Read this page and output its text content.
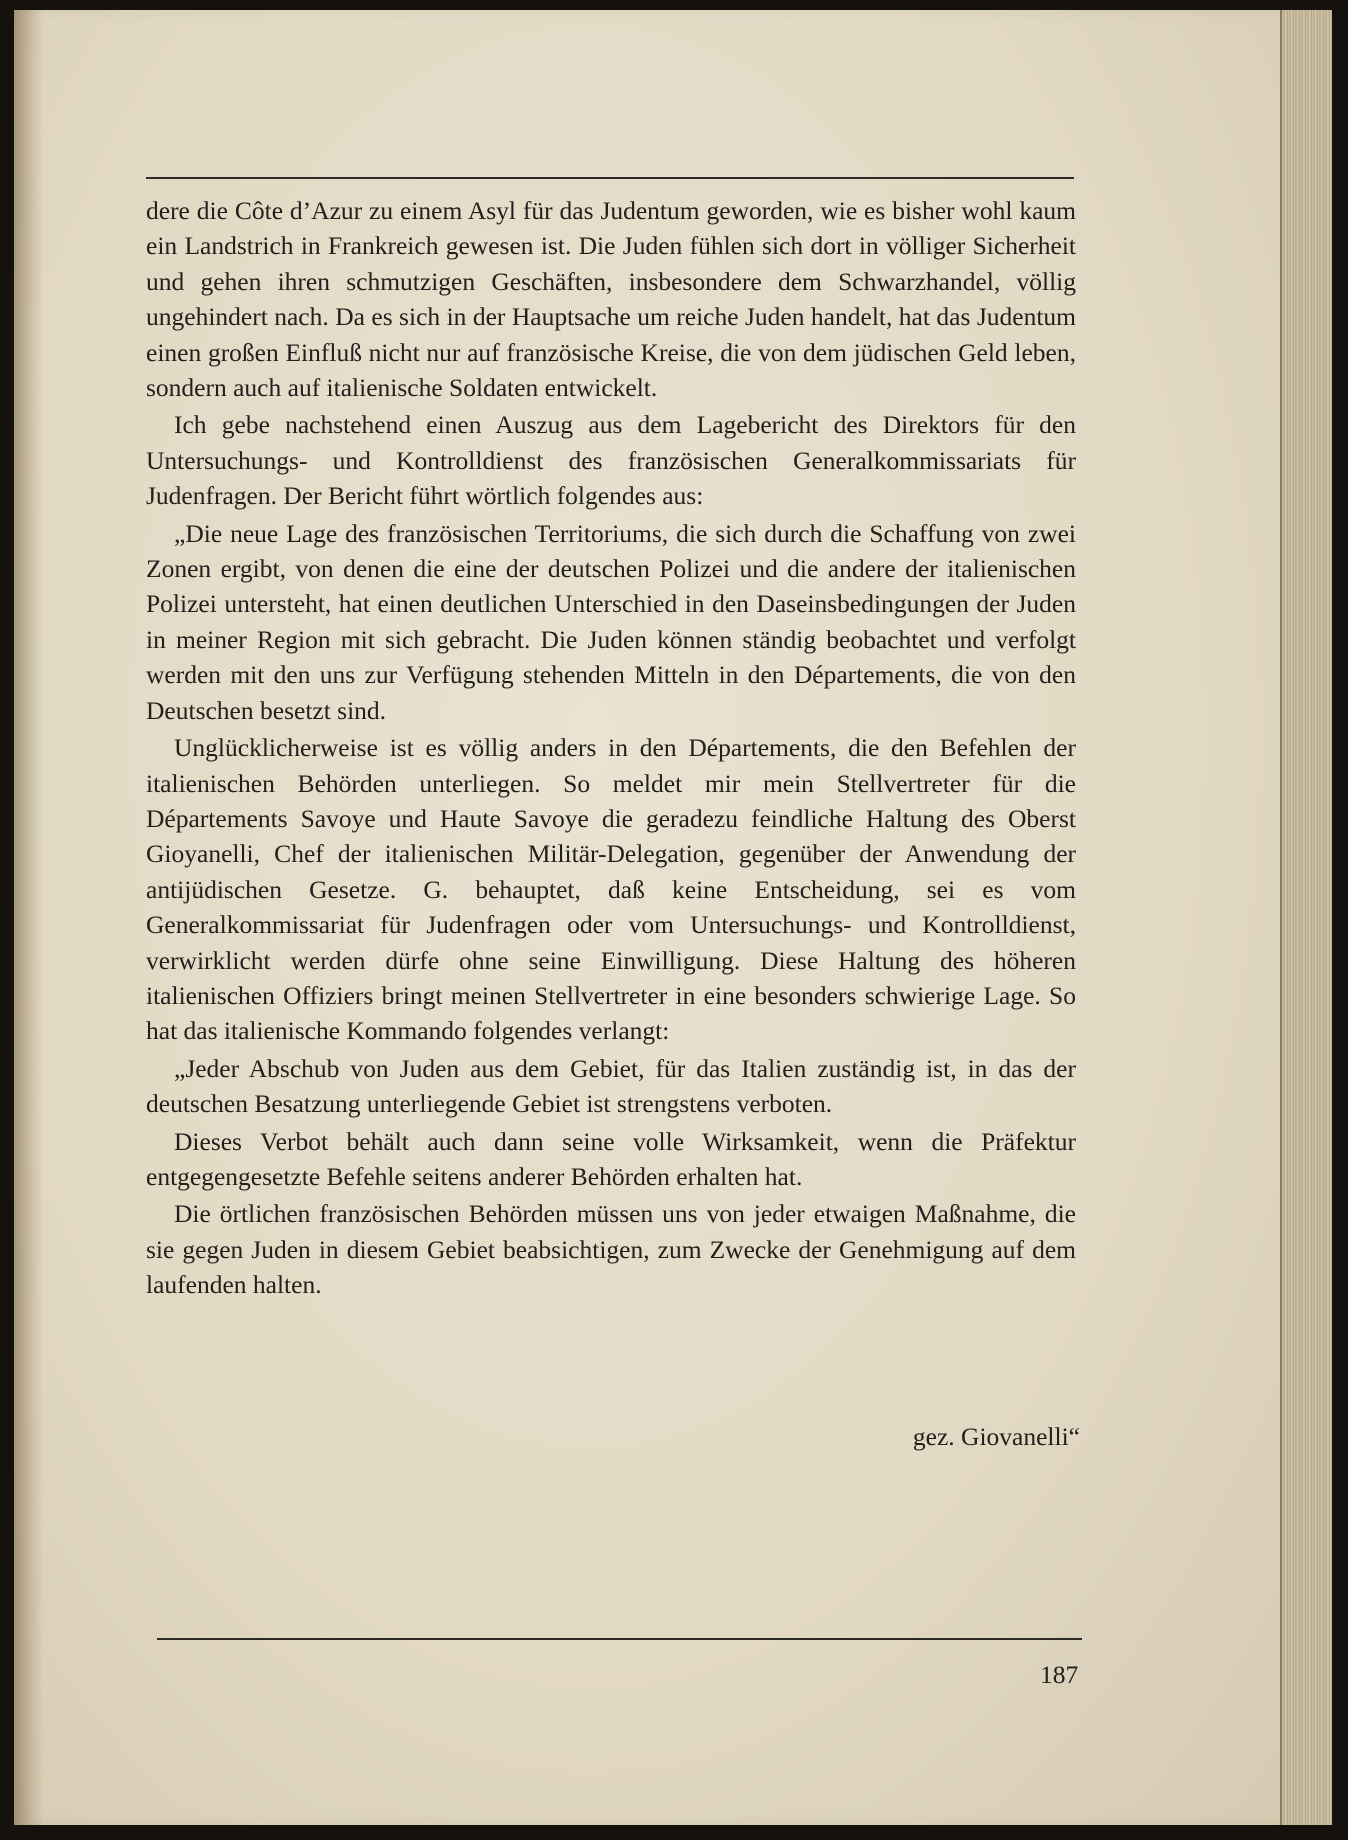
dere die Côte d’Azur zu einem Asyl für das Judentum geworden, wie es bisher wohl kaum ein Landstrich in Frankreich gewesen ist. Die Juden fühlen sich dort in völliger Sicherheit und gehen ihren schmutzigen Geschäften, insbesondere dem Schwarzhandel, völlig ungehindert nach. Da es sich in der Hauptsache um reiche Juden handelt, hat das Judentum einen großen Einfluß nicht nur auf französische Kreise, die von dem jüdischen Geld leben, sondern auch auf italienische Soldaten entwickelt.

Ich gebe nachstehend einen Auszug aus dem Lagebericht des Direktors für den Untersuchungs- und Kontrolldienst des französischen Generalkommissariats für Judenfragen. Der Bericht führt wörtlich folgendes aus:

„Die neue Lage des französischen Territoriums, die sich durch die Schaffung von zwei Zonen ergibt, von denen die eine der deutschen Polizei und die andere der italienischen Polizei untersteht, hat einen deutlichen Unterschied in den Daseinsbedingungen der Juden in meiner Region mit sich gebracht. Die Juden können ständig beobachtet und verfolgt werden mit den uns zur Verfügung stehenden Mitteln in den Départements, die von den Deutschen besetzt sind.

Unglücklicherweise ist es völlig anders in den Départements, die den Befehlen der italienischen Behörden unterliegen. So meldet mir mein Stellvertreter für die Départements Savoye und Haute Savoye die geradezu feindliche Haltung des Oberst Gioyanelli, Chef der italienischen Militär-Delegation, gegenüber der Anwendung der antijüdischen Gesetze. G. behauptet, daß keine Entscheidung, sei es vom Generalkommissariat für Judenfragen oder vom Untersuchungs- und Kontrolldienst, verwirklicht werden dürfe ohne seine Einwilligung. Diese Haltung des höheren italienischen Offiziers bringt meinen Stellvertreter in eine besonders schwierige Lage. So hat das italienische Kommando folgendes verlangt:

„Jeder Abschub von Juden aus dem Gebiet, für das Italien zuständig ist, in das der deutschen Besatzung unterliegende Gebiet ist strengstens verboten.

Dieses Verbot behält auch dann seine volle Wirksamkeit, wenn die Präfektur entgegengesetzte Befehle seitens anderer Behörden erhalten hat.

Die örtlichen französischen Behörden müssen uns von jeder etwaigen Maßnahme, die sie gegen Juden in diesem Gebiet beabsichtigen, zum Zwecke der Genehmigung auf dem laufenden halten.

gez. Giovanelli“
187
